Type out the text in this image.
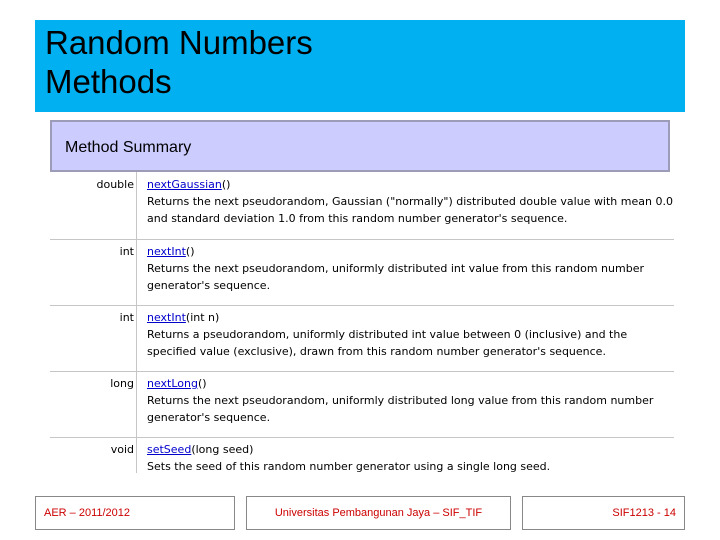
Random Numbers
Methods
Method Summary
double nextGaussian()
Returns the next pseudorandom, Gaussian ("normally") distributed double value with mean 0.0 and standard deviation 1.0 from this random number generator's sequence.
int nextInt()
Returns the next pseudorandom, uniformly distributed int value from this random number generator's sequence.
int nextInt(int n)
Returns a pseudorandom, uniformly distributed int value between 0 (inclusive) and the specified value (exclusive), drawn from this random number generator's sequence.
long nextLong()
Returns the next pseudorandom, uniformly distributed long value from this random number generator's sequence.
void setSeed(long seed)
Sets the seed of this random number generator using a single long seed.
AER – 2011/2012	Universitas Pembangunan Jaya – SIF_TIF	SIF1213 - 14
